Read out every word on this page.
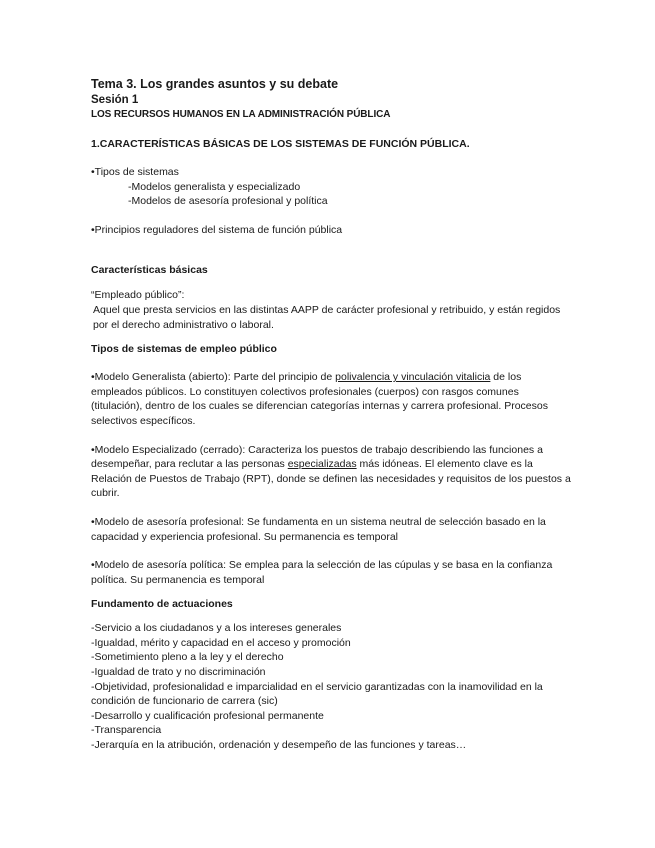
Tema 3. Los grandes asuntos y su debate
Sesión 1
LOS RECURSOS HUMANOS EN LA ADMINISTRACIÓN PÚBLICA
1.CARACTERÍSTICAS BÁSICAS DE LOS SISTEMAS DE FUNCIÓN PÚBLICA.
•Tipos de sistemas
-Modelos generalista y especializado
-Modelos de asesoría profesional y política
•Principios reguladores del sistema de función pública
Características básicas
“Empleado público”:
Aquel que presta servicios en las distintas AAPP de carácter profesional y retribuido, y están regidos por el derecho administrativo o laboral.
Tipos de sistemas de empleo público
•Modelo Generalista (abierto): Parte del principio de polivalencia y vinculación vitalicia de los empleados públicos. Lo constituyen colectivos profesionales (cuerpos) con rasgos comunes (titulación), dentro de los cuales se diferencian categorías internas y carrera profesional. Procesos selectivos específicos.
•Modelo Especializado (cerrado): Caracteriza los puestos de trabajo describiendo las funciones a desempeñar, para reclutar a las personas especializadas más idóneas. El elemento clave es la Relación de Puestos de Trabajo (RPT), donde se definen las necesidades y requisitos de los puestos a cubrir.
•Modelo de asesoría profesional: Se fundamenta en un sistema neutral de selección basado en la capacidad y experiencia profesional. Su permanencia es temporal
•Modelo de asesoría política: Se emplea para la selección de las cúpulas y se basa en la confianza política. Su permanencia es temporal
Fundamento de actuaciones
-Servicio a los ciudadanos y a los intereses generales
-Igualdad, mérito y capacidad en el acceso y promoción
-Sometimiento pleno a la ley y el derecho
-Igualdad de trato y no discriminación
-Objetividad, profesionalidad e imparcialidad en el servicio garantizadas con la inamovilidad en la condición de funcionario de carrera (sic)
-Desarrollo y cualificación profesional permanente
-Transparencia
-Jerarquía en la atribución, ordenación y desempeño de las funciones y tareas…
